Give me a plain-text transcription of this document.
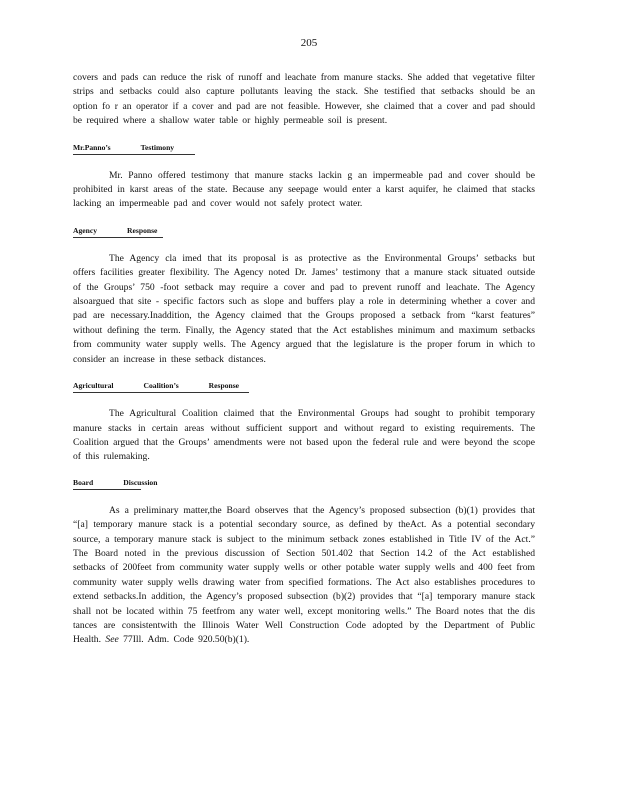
205

covers and pads can reduce the risk of runoff and leachate from manure stacks. She added that vegetative filter strips and setbacks could also capture pollutants leaving the stack. She testified that setbacks should be an option fo r an operator if a cover and pad are not feasible. However, she claimed that a cover and pad should be required where a shallow water table or highly permeable soil is present.

Mr.Panno’s	Testimony

Mr. Panno offered testimony that manure stacks lackin g an impermeable pad and cover should be prohibited in karst areas of the state. Because any seepage would enter a karst aquifer, he claimed that stacks lacking an impermeable pad and cover would not safely protect water.

Agency	Response

The Agency cla imed that its proposal is as protective as the Environmental Groups’ setbacks but offers facilities greater flexibility. The Agency noted Dr. James’ testimony that a manure stack situated outside of the Groups’ 750 -foot setback may require a cover and pad to prevent runoff and leachate. The Agency alsoargued that site - specific factors such as slope and buffers play a role in determining whether a cover and pad are necessary.Inaddition, the Agency claimed that the Groups proposed a setback from “karst features” without defining the term. Finally, the Agency stated that the Act establishes minimum and maximum setbacks from community water supply wells. The Agency argued that the legislature is the proper forum in which to consider an increase in these setback distances.

Agricultural	Coalition’s	Response

The Agricultural Coalition claimed that the Environmental Groups had sought to prohibit temporary manure stacks in certain areas without sufficient support and without regard to existing requirements. The Coalition argued that the Groups’ amendments were not based upon the federal rule and were beyond the scope of this rulemaking.

Board	Discussion

As a preliminary matter,the Board observes that the Agency’s proposed subsection (b)(1) provides that “[a] temporary manure stack is a potential secondary source, as defined by theAct. As a potential secondary source, a temporary manure stack is subject to the minimum setback zones established in Title IV of the Act.” The Board noted in the previous discussion of Section 501.402 that Section 14.2 of the Act established setbacks of 200feet from community water supply wells or other potable water supply wells and 400 feet from community water supply wells drawing water from specified formations. The Act also establishes procedures to extend setbacks.In addition, the Agency’s proposed subsection (b)(2) provides that “[a] temporary manure stack shall not be located within 75 feetfrom any water well, except monitoring wells.” The Board notes that the dis tances are consistentwith the Illinois Water Well Construction Code adopted by the Department of Public Health. See 77Ill. Adm. Code 920.50(b)(1).
